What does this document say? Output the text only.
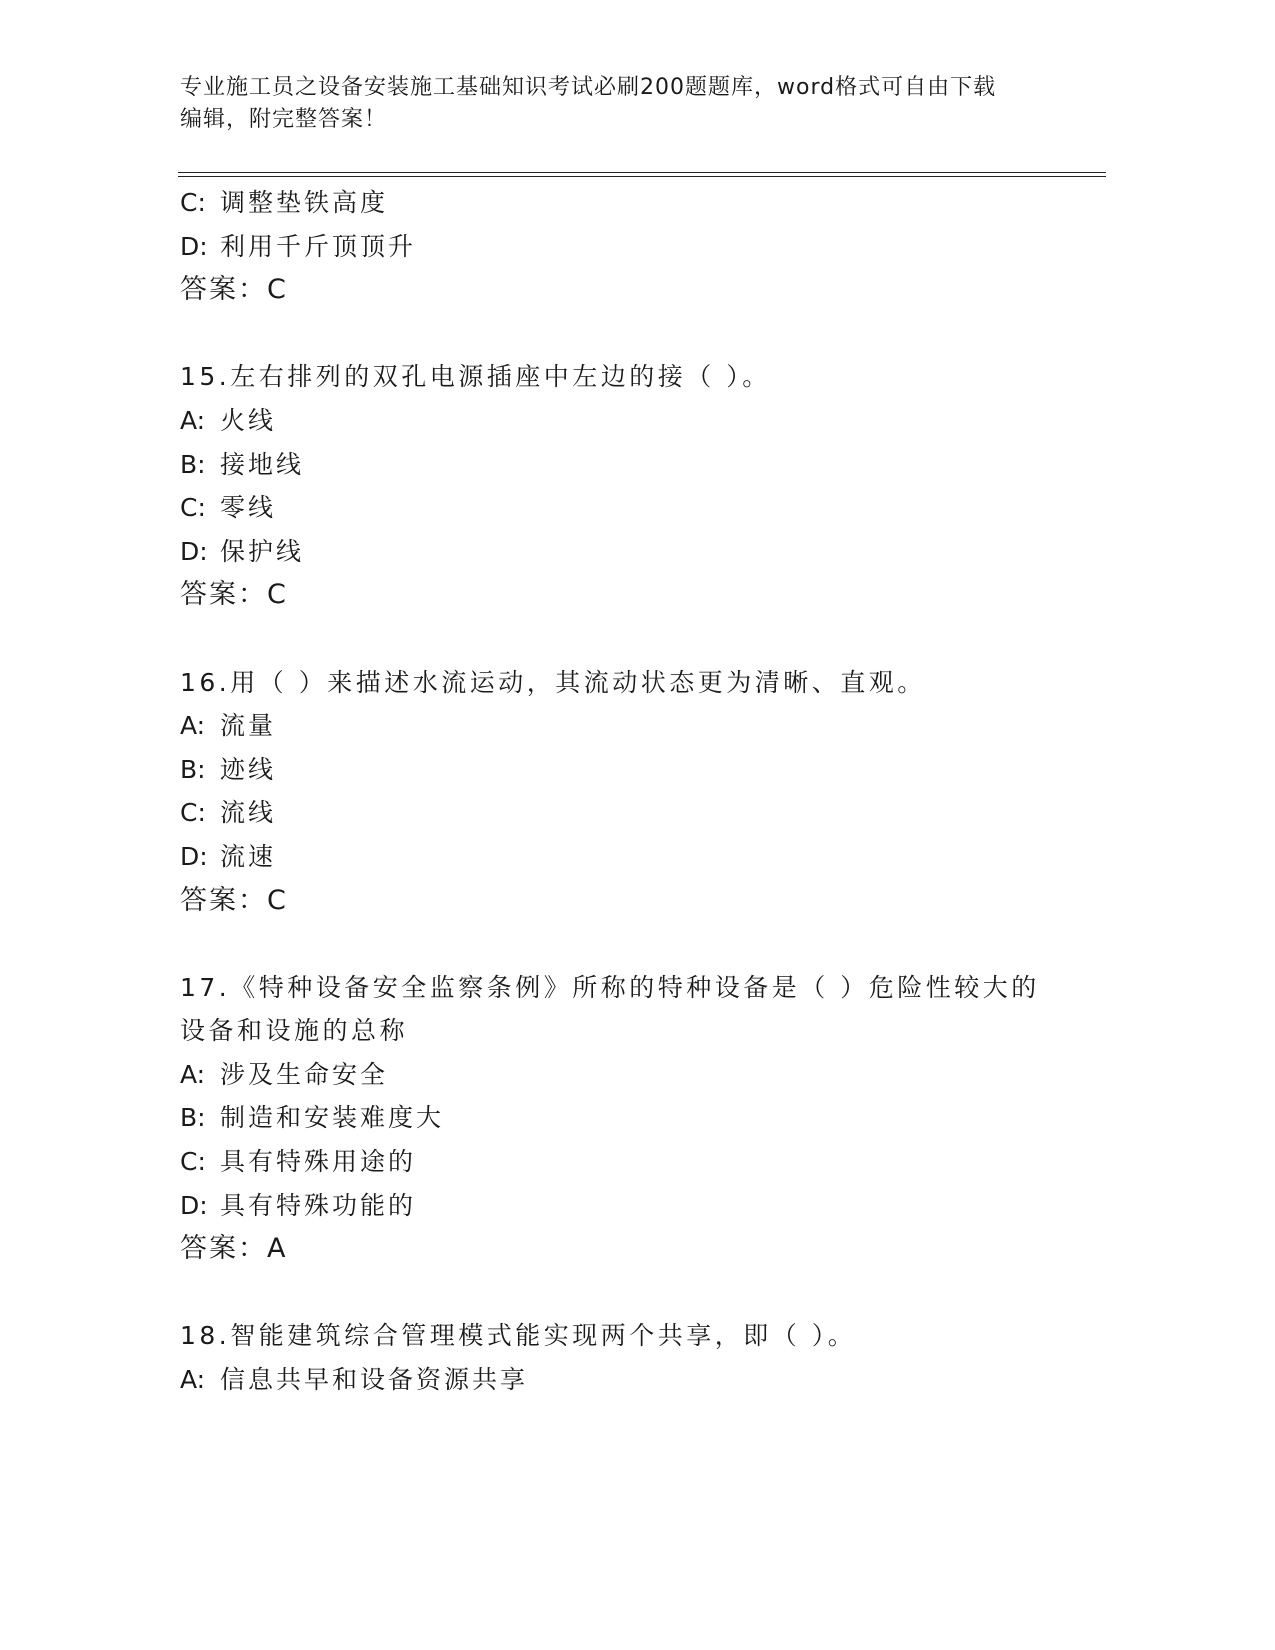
专业施工员之设备安装施工基础知识考试必刷200题题库，word格式可自由下载
编辑，附完整答案！
C: 调整垫铁高度
D: 利用千斤顶顶升
答案：C
15.左右排列的双孔电源插座中左边的接（ ）。
A: 火线
B: 接地线
C: 零线
D: 保护线
答案：C
16.用（ ）来描述水流运动，其流动状态更为清晰、直观。
A: 流量
B: 迹线
C: 流线
D: 流速
答案：C
17.《特种设备安全监察条例》所称的特种设备是（ ）危险性较大的
设备和设施的总称
A: 涉及生命安全
B: 制造和安装难度大
C: 具有特殊用途的
D: 具有特殊功能的
答案：A
18.智能建筑综合管理模式能实现两个共享，即（ ）。
A: 信息共早和设备资源共享
